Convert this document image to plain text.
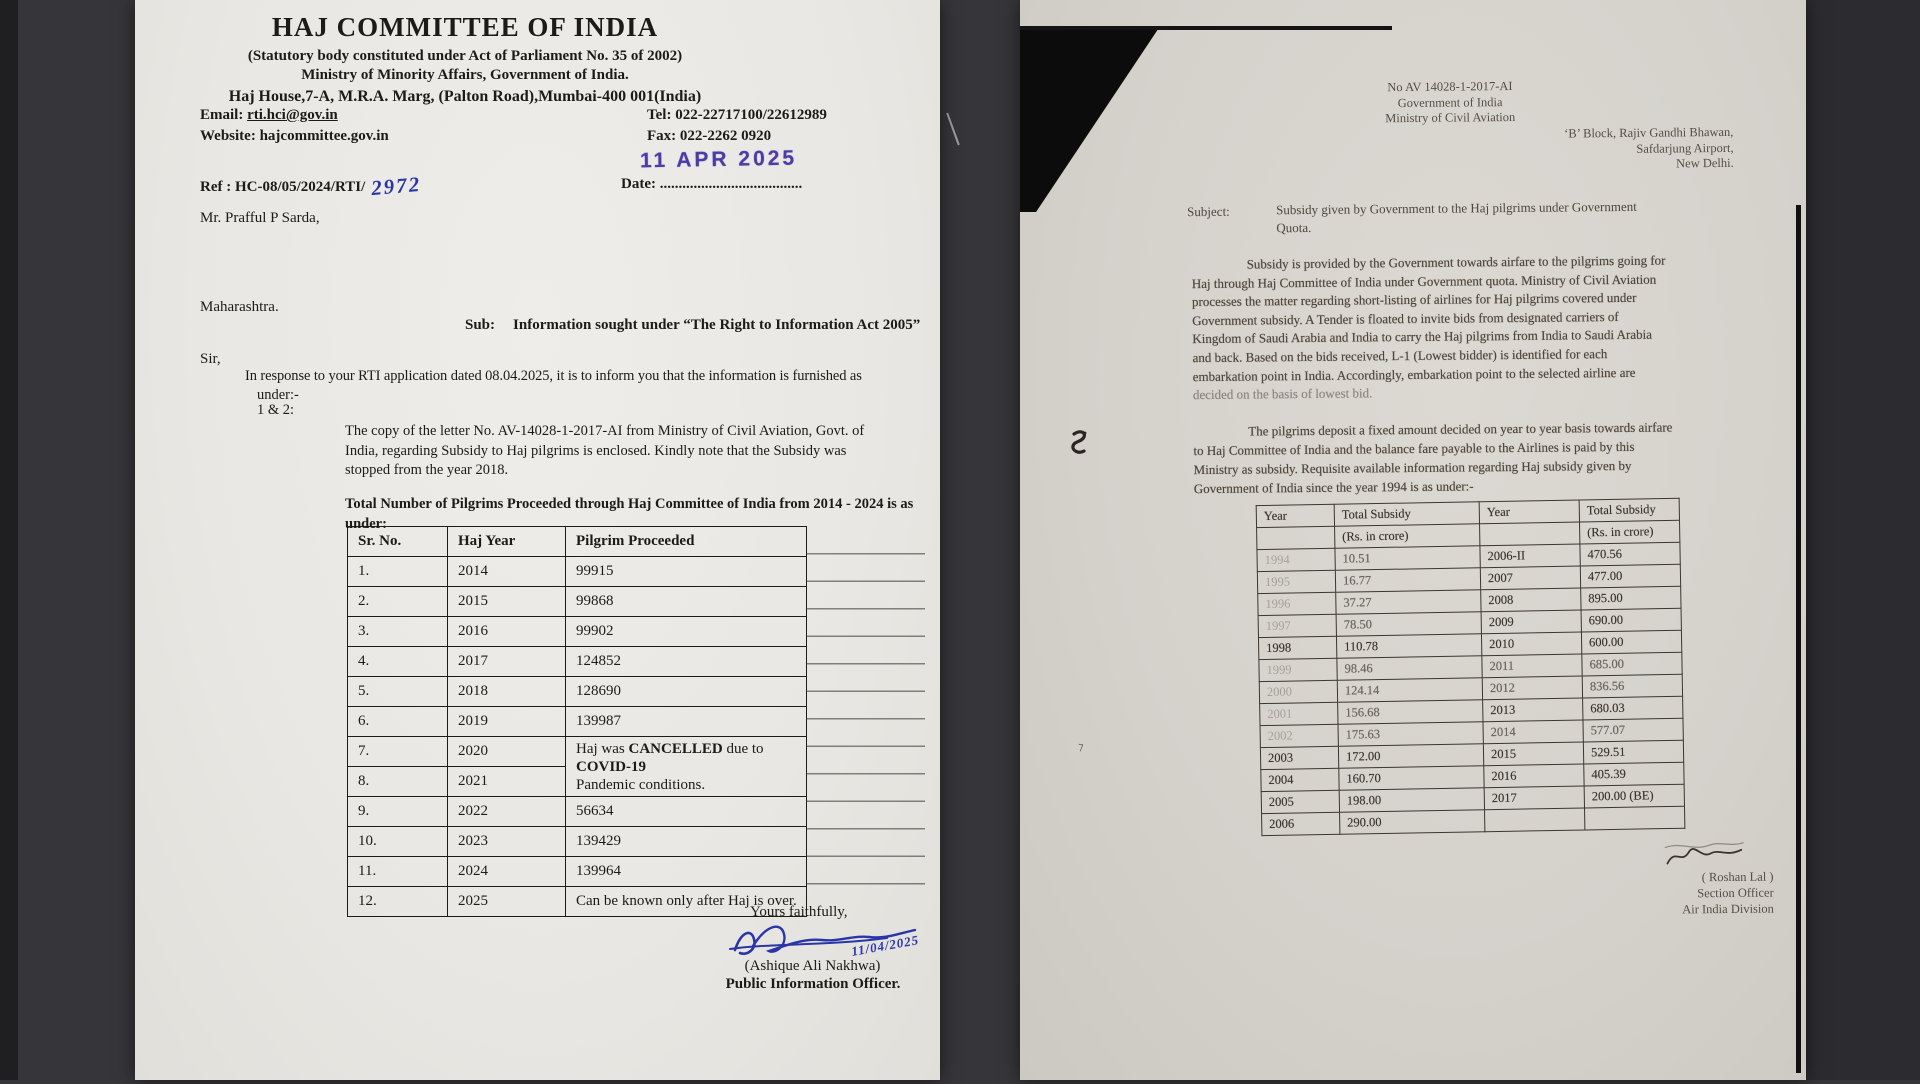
HAJ COMMITTEE OF INDIA
(Statutory body constituted under Act of Parliament No. 35 of 2002)
Ministry of Minority Affairs, Government of India.
Haj House,7-A, M.R.A. Marg, (Palton Road),Mumbai-400 001(India)
Email: rti.hci@gov.in
Website: hajcommittee.gov.in
Tel: 022-22717100/22612989
Fax: 022-2262 0920
11 APR 2025
Ref : HC-08/05/2024/RTI/ 2972	Date: ......................................
Mr. Prafful P Sarda,
Maharashtra.
Sub: Information sought under “The Right to Information Act 2005”
Sir,
In response to your RTI application dated 08.04.2025, it is to inform you that the information is furnished as
under:-
1 & 2:
The copy of the letter No. AV-14028-1-2017-AI from Ministry of Civil Aviation, Govt. of
India, regarding Subsidy to Haj pilgrims is enclosed. Kindly note that the Subsidy was
stopped from the year 2018.
Total Number of Pilgrims Proceeded through Haj Committee of India from 2014 - 2024 is as
under:
Sr. No.	Haj Year	Pilgrim Proceeded
1.	2014	99915
2.	2015	99868
3.	2016	99902
4.	2017	124852
5.	2018	128690
6.	2019	139987
7.	2020	Haj was CANCELLED due to COVID-19
Pandemic conditions.
8.	2021	
9.	2022	56634
10.	2023	139429
11.	2024	139964
12.	2025	Can be known only after Haj is over.
Yours faithfully,
11/04/2025
(Ashique Ali Nakhwa)
Public Information Officer.
⁊
No AV 14028-1-2017-AI
Government of India
Ministry of Civil Aviation
‘B’ Block, Rajiv Gandhi Bhawan,
Safdarjung Airport,
New Delhi.
Subject:	Subsidy given by Government to the Haj pilgrims under Government
Quota.
Subsidy is provided by the Government towards airfare to the pilgrims going for
Haj through Haj Committee of India under Government quota. Ministry of Civil Aviation
processes the matter regarding short-listing of airlines for Haj pilgrims covered under
Government subsidy. A Tender is floated to invite bids from designated carriers of
Kingdom of Saudi Arabia and India to carry the Haj pilgrims from India to Saudi Arabia
and back. Based on the bids received, L-1 (Lowest bidder) is identified for each
embarkation point in India. Accordingly, embarkation point to the selected airline are
decided on the basis of lowest bid.
The pilgrims deposit a fixed amount decided on year to year basis towards airfare
to Haj Committee of India and the balance fare payable to the Airlines is paid by this
Ministry as subsidy. Requisite available information regarding Haj subsidy given by
Government of India since the year 1994 is as under:-
Year	Total Subsidy	Year	Total Subsidy
	(Rs. in crore)		(Rs. in crore)
1994	10.51	2006-II	470.56
1995	16.77	2007	477.00
1996	37.27	2008	895.00
1997	78.50	2009	690.00
1998	110.78	2010	600.00
1999	98.46	2011	685.00
2000	124.14	2012	836.56
2001	156.68	2013	680.03
2002	175.63	2014	577.07
2003	172.00	2015	529.51
2004	160.70	2016	405.39
2005	198.00	2017	200.00 (BE)
2006	290.00		
( Roshan Lal )
Section Officer
Air India Division
